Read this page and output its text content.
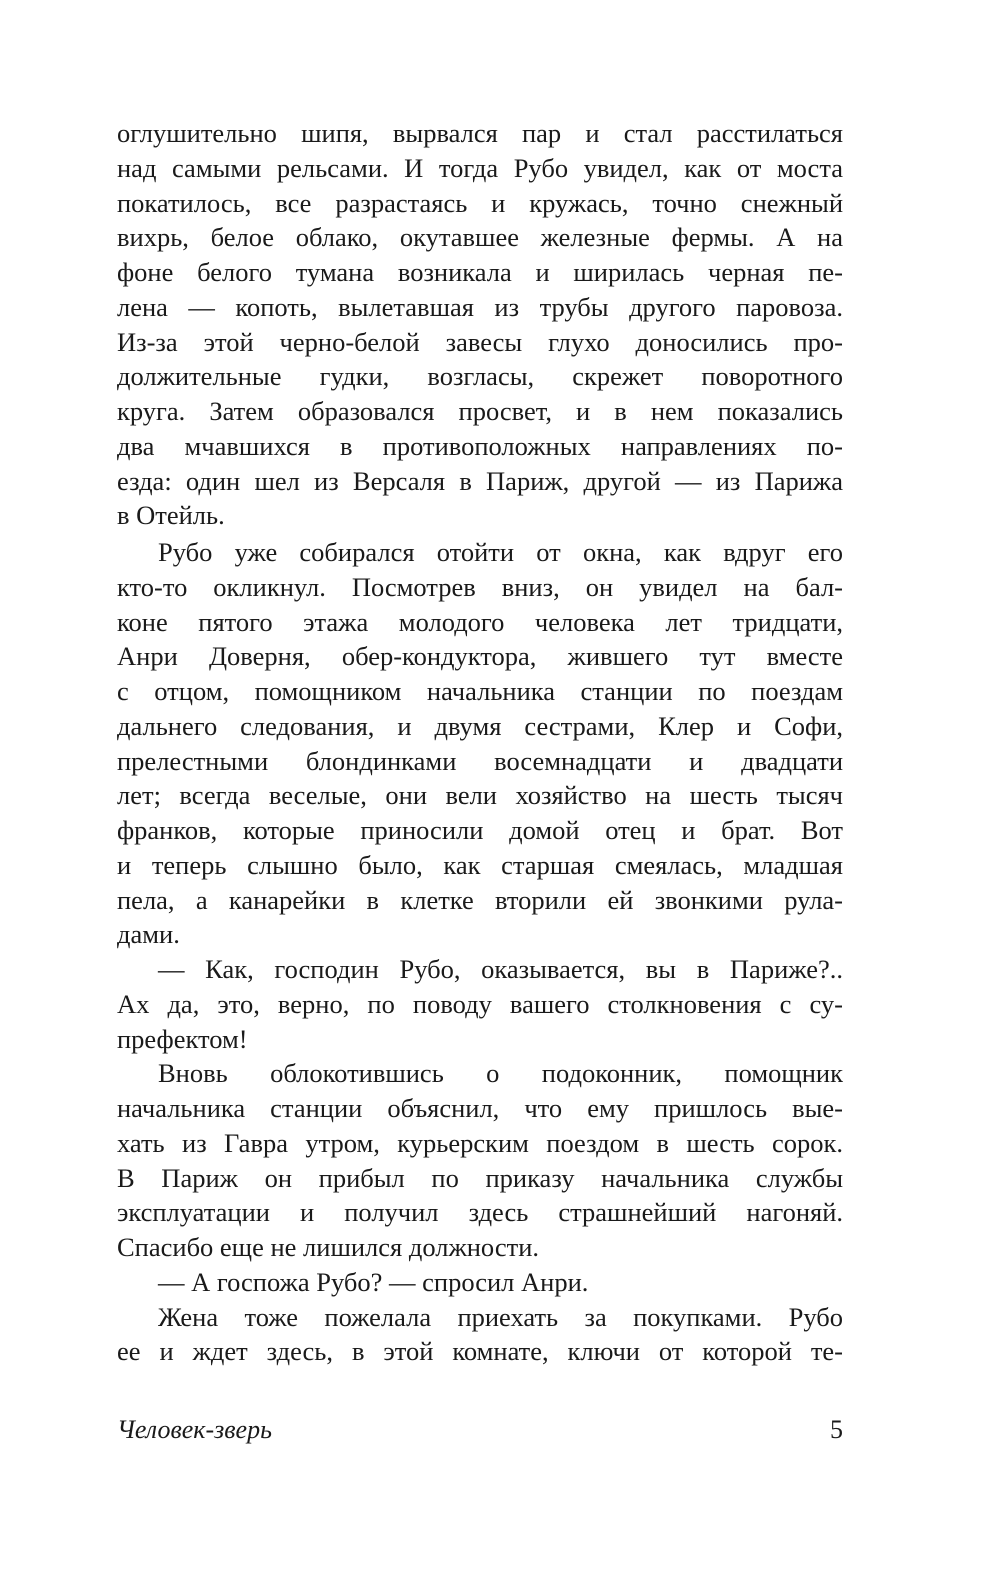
оглушительно шипя, вырвался пар и стал расстилаться
над самыми рельсами. И тогда Рубо увидел, как от моста
покатилось, все разрастаясь и кружась, точно снежный
вихрь, белое облако, окутавшее железные фермы. А на
фоне белого тумана возникала и ширилась черная пе-
лена — копоть, вылетавшая из трубы другого паровоза.
Из-за этой черно-белой завесы глухо доносились про-
должительные гудки, возгласы, скрежет поворотного
круга. Затем образовался просвет, и в нем показались
два мчавшихся в противоположных направлениях по-
езда: один шел из Версаля в Париж, другой — из Парижа
в Отейль.
Рубо уже собирался отойти от окна, как вдруг его
кто-то окликнул. Посмотрев вниз, он увидел на бал-
коне пятого этажа молодого человека лет тридцати,
Анри Доверня, обер-кондуктора, жившего тут вместе
с отцом, помощником начальника станции по поездам
дальнего следования, и двумя сестрами, Клер и Софи,
прелестными блондинками восемнадцати и двадцати
лет; всегда веселые, они вели хозяйство на шесть тысяч
франков, которые приносили домой отец и брат. Вот
и теперь слышно было, как старшая смеялась, младшая
пела, а канарейки в клетке вторили ей звонкими рула-
дами.
— Как, господин Рубо, оказывается, вы в Париже?..
Ах да, это, верно, по поводу вашего столкновения с су-
префектом!
Вновь облокотившись о подоконник, помощник
начальника станции объяснил, что ему пришлось вые-
хать из Гавра утром, курьерским поездом в шесть сорок.
В Париж он прибыл по приказу начальника службы
эксплуатации и получил здесь страшнейший нагоняй.
Спасибо еще не лишился должности.
— А госпожа Рубо? — спросил Анри.
Жена тоже пожелала приехать за покупками. Рубо
ее и ждет здесь, в этой комнате, ключи от которой те-
Человек-зверь	5
